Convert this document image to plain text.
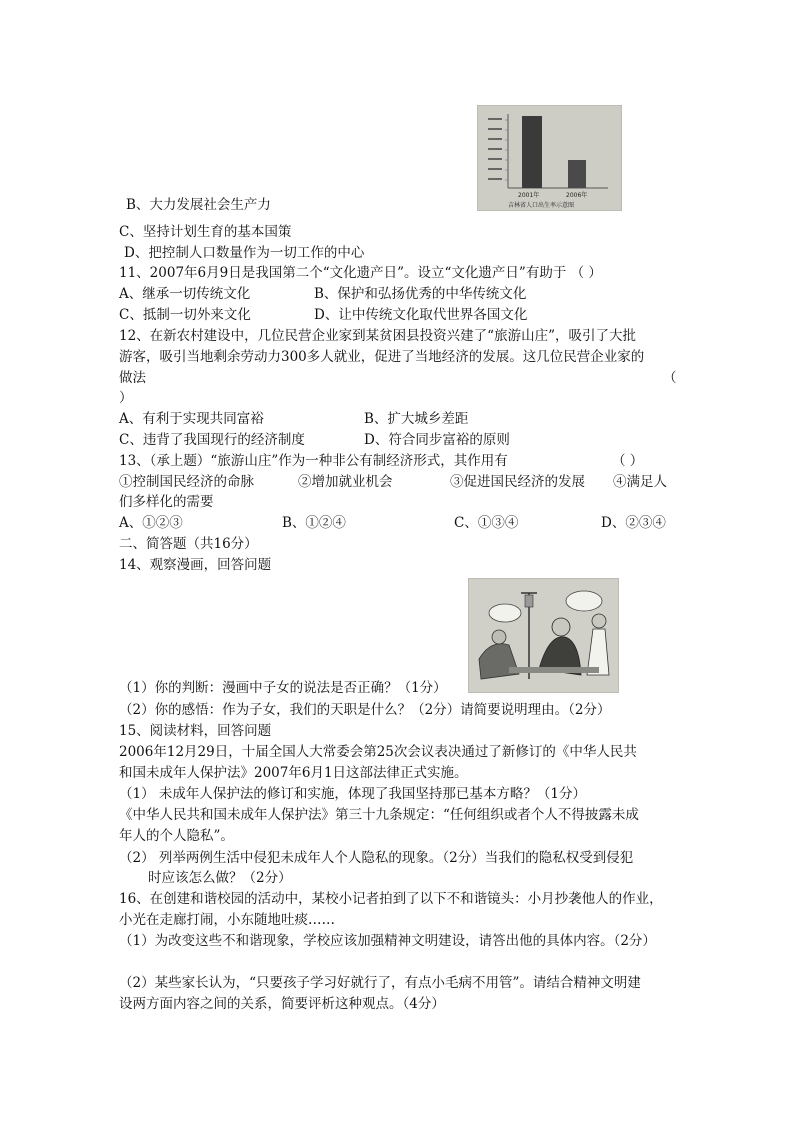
2001年	2006年
吉林省人口出生率示意图
B、大力发展社会生产力
C、坚持计划生育的基本国策
D、把控制人口数量作为一切工作的中心
11、2007年6月9日是我国第二个“文化遗产日”。设立“文化遗产日”有助于 （ ）
A、继承一切传统文化	B、保护和弘扬优秀的中华传统文化
C、抵制一切外来文化	D、让中传统文化取代世界各国文化
12、在新农村建设中，几位民营企业家到某贫困县投资兴建了“旅游山庄”，吸引了大批
游客，吸引当地剩余劳动力300多人就业，促进了当地经济的发展。这几位民营企业家的
做法	（
）
A、有利于实现共同富裕	B、扩大城乡差距
C、违背了我国现行的经济制度	D、符合同步富裕的原则
13、（承上题）“旅游山庄”作为一种非公有制经济形式，其作用有	（ ）
①控制国民经济的命脉	②增加就业机会	③促进国民经济的发展 ④满足人
们多样化的需要
A、①②③	B、①②④	C、①③④	D、②③④
二、简答题（共16分）
14、观察漫画，回答问题
（1）你的判断：漫画中子女的说法是否正确？（1分）
（2）你的感悟：作为子女，我们的天职是什么？（2分）请简要说明理由。（2分）
15、阅读材料，回答问题
2006年12月29日，十届全国人大常委会第25次会议表决通过了新修订的《中华人民共
和国未成年人保护法》2007年6月1日这部法律正式实施。
（1） 未成年人保护法的修订和实施，体现了我国坚持那已基本方略？（1分）
《中华人民共和国未成年人保护法》第三十九条规定：“任何组织或者个人不得披露未成
年人的个人隐私”。
（2） 列举两例生活中侵犯未成年人个人隐私的现象。（2分）当我们的隐私权受到侵犯
时应该怎么做？（2分）
16、在创建和谐校园的活动中，某校小记者拍到了以下不和谐镜头：小月抄袭他人的作业，
小光在走廊打闹，小东随地吐痰……
（1）为改变这些不和谐现象，学校应该加强精神文明建设，请答出他的具体内容。（2分）
（2）某些家长认为，“只要孩子学习好就行了，有点小毛病不用管”。请结合精神文明建
设两方面内容之间的关系，简要评析这种观点。（4分）
